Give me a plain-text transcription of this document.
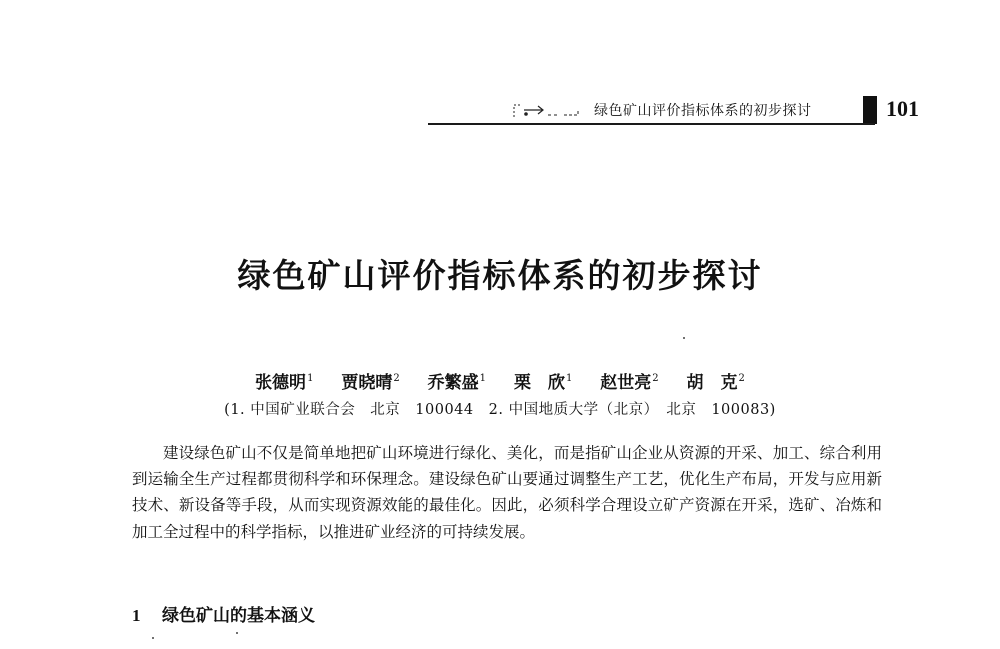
绿色矿山评价指标体系的初步探讨	101
绿色矿山评价指标体系的初步探讨
张德明$^1$ 贾晓晴$^2$ 乔繁盛$^1$ 栗　欣$^1$ 赵世亮$^2$ 胡　克$^2$
(1. 中国矿业联合会　北京　100044　2. 中国地质大学（北京）　北京　100083)

建设绿色矿山不仅是简单地把矿山环境进行绿化、美化，而是指矿山企业从资源的开采、加工、综合利用到运输全生产过程都贯彻科学和环保理念。建设绿色矿山要通过调整生产工艺，优化生产布局，开发与应用新技术、新设备等手段，从而实现资源效能的最佳化。因此，必须科学合理设立矿产资源在开采，选矿、冶炼和加工全过程中的科学指标，以推进矿业经济的可持续发展。

1 绿色矿山的基本涵义
